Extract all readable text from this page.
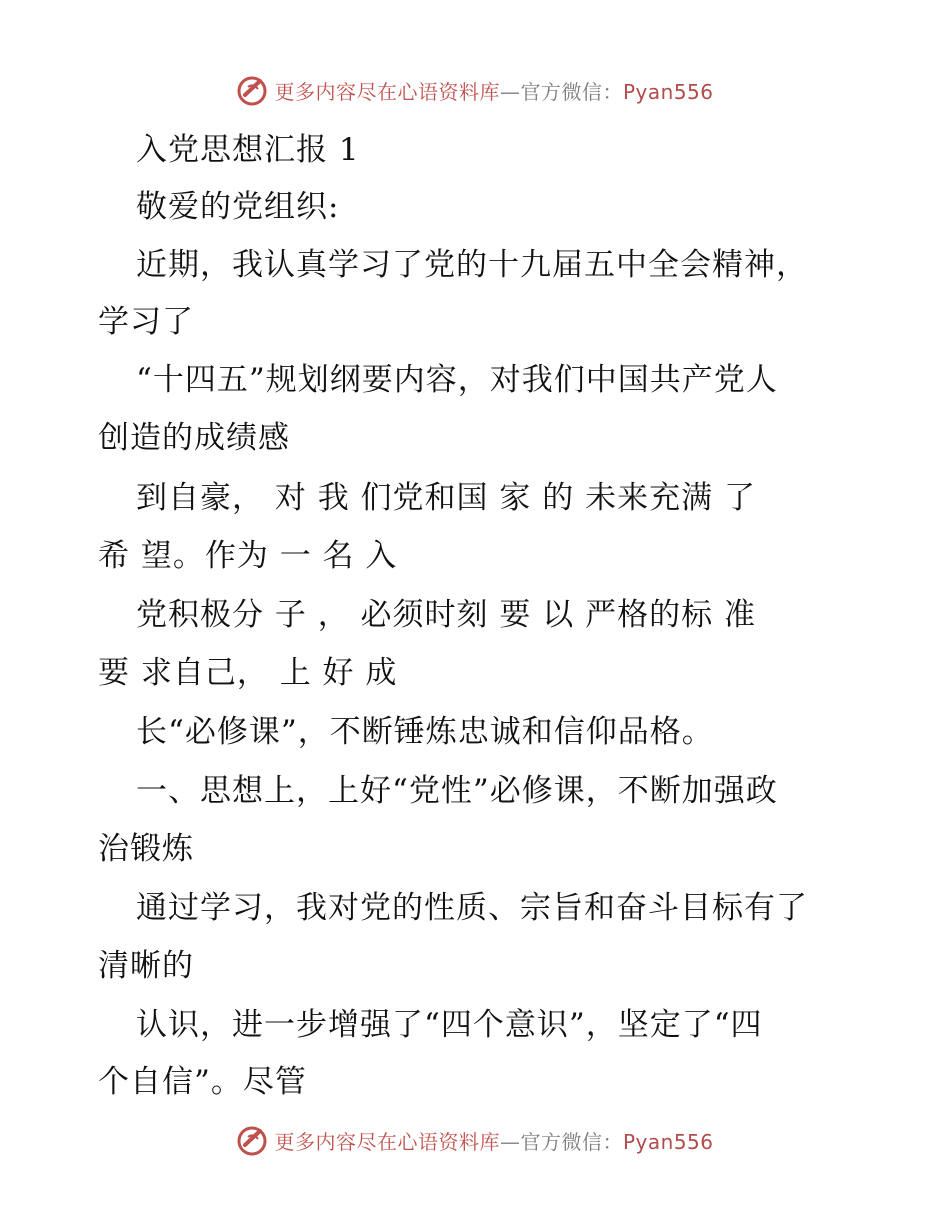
更多内容尽在心语资料库—官方微信：Pyan556
入党思想汇报 1
敬爱的党组织:
近期，我认真学习了党的十九届五中全会精神，
学习了
“十四五”规划纲要内容，对我们中国共产党人
创造的成绩感
到自豪， 对 我 们党和国 家 的 未来充满 了
希 望。作为 一 名 入
党积极分 子 ， 必须时刻 要 以 严格的标 准
要 求自己， 上 好 成
长“必修课”，不断锤炼忠诚和信仰品格。
一、思想上，上好“党性”必修课，不断加强政
治锻炼
通过学习，我对党的性质、宗旨和奋斗目标有了
清晰的
认识，进一步增强了“四个意识”，坚定了“四
个自信”。尽管
更多内容尽在心语资料库—官方微信：Pyan556
